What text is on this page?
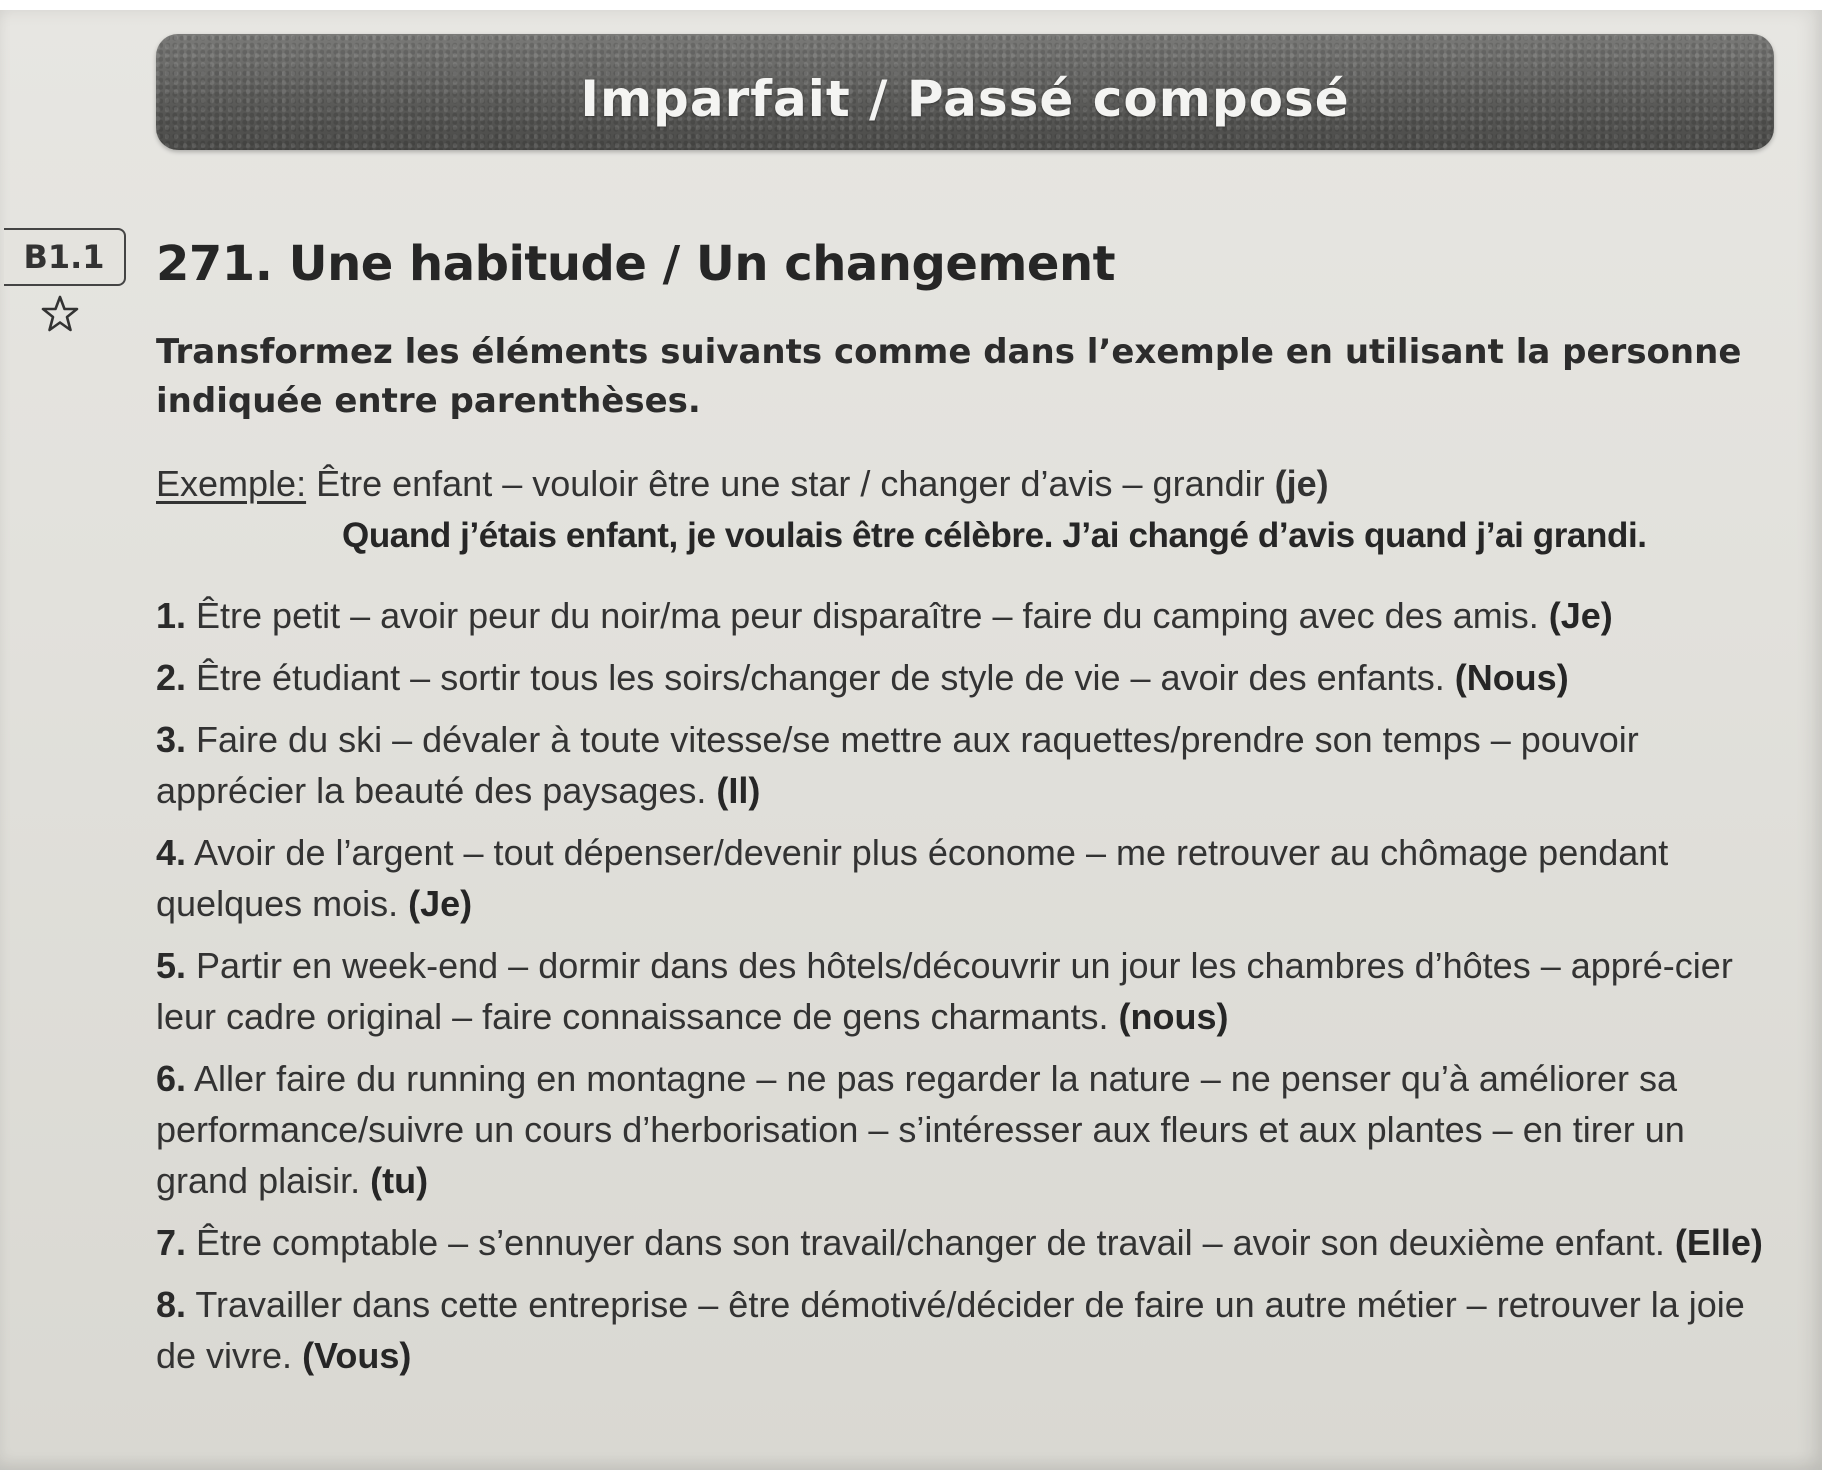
Imparfait / Passé composé
B1.1	271. Une habitude / Un changement
Transformez les éléments suivants comme dans l’exemple en utilisant la personne indiquée entre parenthèses.
Exemple: Être enfant – vouloir être une star / changer d’avis – grandir (je)
Quand j’étais enfant, je voulais être célèbre. J’ai changé d’avis quand j’ai grandi.
1. Être petit – avoir peur du noir/ma peur disparaître – faire du camping avec des amis. (Je)
2. Être étudiant – sortir tous les soirs/changer de style de vie – avoir des enfants. (Nous)
3. Faire du ski – dévaler à toute vitesse/se mettre aux raquettes/prendre son temps – pouvoir apprécier la beauté des paysages. (Il)
4. Avoir de l’argent – tout dépenser/devenir plus économe – me retrouver au chômage pendant quelques mois. (Je)
5. Partir en week-end – dormir dans des hôtels/découvrir un jour les chambres d’hôtes – appré-cier leur cadre original – faire connaissance de gens charmants. (nous)
6. Aller faire du running en montagne – ne pas regarder la nature – ne penser qu’à améliorer sa performance/suivre un cours d’herborisation – s’intéresser aux fleurs et aux plantes – en tirer un grand plaisir. (tu)
7. Être comptable – s’ennuyer dans son travail/changer de travail – avoir son deuxième enfant. (Elle)
8. Travailler dans cette entreprise – être démotivé/décider de faire un autre métier – retrouver la joie de vivre. (Vous)
